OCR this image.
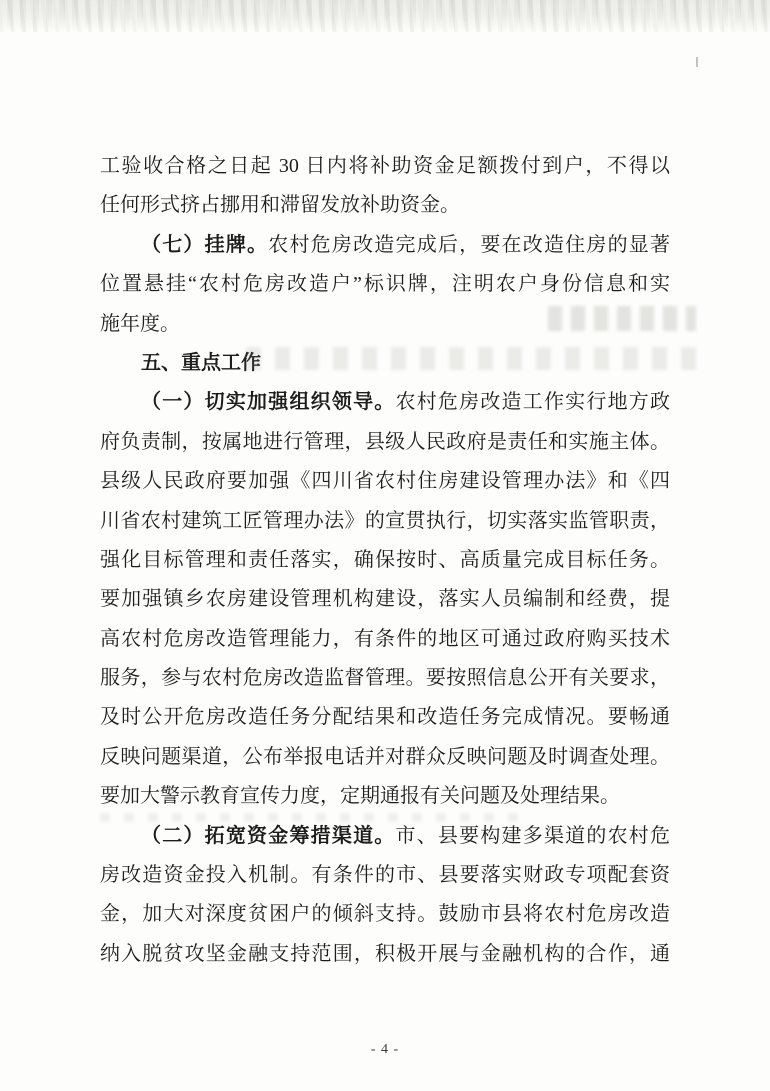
工验收合格之日起 30 日内将补助资金足额拨付到户，不得以
任何形式挤占挪用和滞留发放补助资金。
（七）挂牌。农村危房改造完成后，要在改造住房的显著
位置悬挂“农村危房改造户”标识牌，注明农户身份信息和实
施年度。
五、重点工作
（一）切实加强组织领导。农村危房改造工作实行地方政
府负责制，按属地进行管理，县级人民政府是责任和实施主体。
县级人民政府要加强《四川省农村住房建设管理办法》和《四
川省农村建筑工匠管理办法》的宣贯执行，切实落实监管职责，
强化目标管理和责任落实，确保按时、高质量完成目标任务。
要加强镇乡农房建设管理机构建设，落实人员编制和经费，提
高农村危房改造管理能力，有条件的地区可通过政府购买技术
服务，参与农村危房改造监督管理。要按照信息公开有关要求，
及时公开危房改造任务分配结果和改造任务完成情况。要畅通
反映问题渠道，公布举报电话并对群众反映问题及时调查处理。
要加大警示教育宣传力度，定期通报有关问题及处理结果。
（二）拓宽资金筹措渠道。市、县要构建多渠道的农村危
房改造资金投入机制。有条件的市、县要落实财政专项配套资
金，加大对深度贫困户的倾斜支持。鼓励市县将农村危房改造
纳入脱贫攻坚金融支持范围，积极开展与金融机构的合作，通
- 4 -
